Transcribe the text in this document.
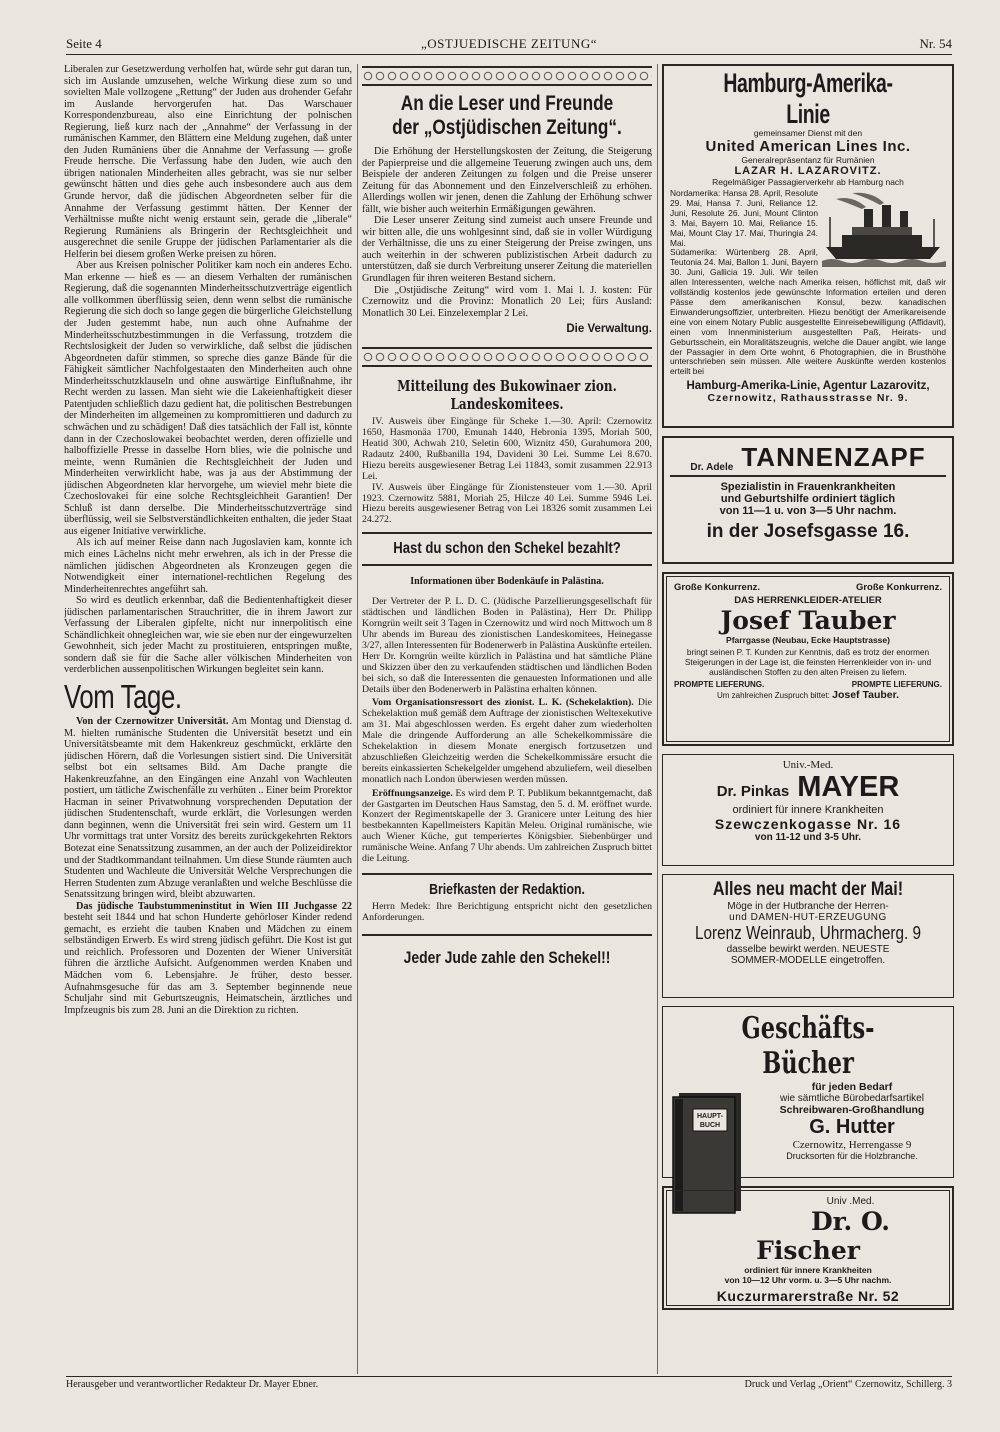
Seite 4	„OSTJUEDISCHE ZEITUNG“	Nr. 54

Liberalen zur Gesetzwerdung verholfen hat, würde sehr gut daran tun, sich im Auslande umzusehen, welche Wirkung diese zum so und sovielten Male vollzogene „Rettung“ der Juden aus drohender Gefahr im Auslande hervorgerufen hat. Das Warschauer Korrespondenzbureau, also eine Einrichtung der polnischen Regierung, ließ kurz nach der „Annahme“ der Verfassung in der rumänischen Kammer, den Blättern eine Meldung zugehen, daß unter den Juden Rumäniens über die Annahme der Verfassung — große Freude herrsche. Die Verfassung habe den Juden, wie auch den übrigen nationalen Minderheiten alles gebracht, was sie nur selber gewünscht hätten und dies gehe auch insbesondere auch aus dem Grunde hervor, daß die jüdischen Abgeordneten selber für die Annahme der Verfassung gestimmt hätten. Der Kenner der Verhältnisse mußte nicht wenig erstaunt sein, gerade die „liberale“ Regierung Rumäniens als Bringerin der Rechtsgleichheit und ausgerechnet die senile Gruppe der jüdischen Parlamentarier als die Helferin bei diesem großen Werke preisen zu hören.

Aber aus Kreisen polnischer Politiker kam noch ein anderes Echo. Man erkenne — hieß es — an diesem Verhalten der rumänischen Regierung, daß die sogenannten Minderheitsschutzverträge eigentlich alle vollkommen überflüssig seien, denn wenn selbst die rumänische Regierung die sich doch so lange gegen die bürgerliche Gleichstellung der Juden gestemmt habe, nun auch ohne Aufnahme der Minderheitsschutzbestimmungen in die Verfassung, trotzdem die Rechtslosigkeit der Juden so verwirkliche, daß selbst die jüdischen Abgeordneten dafür stimmen, so spreche dies ganze Bände für die Fähigkeit sämtlicher Nachfolgestaaten den Minderheiten auch ohne Minderheitsschutzklauseln und ohne auswärtige Einflußnahme, ihr Recht werden zu lassen. Man sieht wie die Lakeienhaftigkeit dieser Patentjuden schließlich dazu gedient hat, die politischen Bestrebungen der Minderheiten im allgemeinen zu kompromittieren und dadurch zu schwächen und zu schädigen! Daß dies tatsächlich der Fall ist, könnte dann in der Czechoslowakei beobachtet werden, deren offizielle und halboffizielle Presse in dasselbe Horn blies, wie die polnische und meinte, wenn Rumänien die Rechtsgleichheit der Juden und Minderheiten verwirklicht habe, was ja aus der Abstimmung der jüdischen Abgeordneten klar hervorgehe, um wieviel mehr biete die Czechoslovakei für eine solche Rechtsgleichheit Garantien! Der Schluß ist dann derselbe. Die Minderheitsschutzverträge sind überflüssig, weil sie Selbstverständlichkeiten enthalten, die jeder Staat aus eigener Initiative verwirkliche.

Als ich auf meiner Reise dann nach Jugoslavien kam, konnte ich mich eines Lächelns nicht mehr erwehren, als ich in der Presse die nämlichen jüdischen Abgeordneten als Kronzeugen gegen die Notwendigkeit einer internationel-rechtlichen Regelung des Minderheitenrechtes angeführt sah.

So wird es deutlich erkennbar, daß die Bedientenhaftigkeit dieser jüdischen parlamentarischen Strauchritter, die in ihrem Jawort zur Verfassung der Liberalen gipfelte, nicht nur innerpolitisch eine Schändlichkeit ohnegleichen war, wie sie eben nur der eingewurzelten Gewohnheit, sich jeder Macht zu prostituieren, entspringen mußte, sondern daß sie für die Sache aller völkischen Minderheiten von verderblichen aussenpolitischen Wirkungen begleitet sein kann.

Vom Tage.

Von der Czernowitzer Universität. Am Montag und Dienstag d. M. hielten rumänische Studenten die Universität besetzt und ein Universitätsbeamte mit dem Hakenkreuz geschmückt, erklärte den jüdischen Hörern, daß die Vorlesungen sistiert sind. Die Universität selbst bot ein seltsames Bild. Am Dache prangte die Hakenkreuzfahne, an den Eingängen eine Anzahl von Wachleuten postiert, um tätliche Zwischenfälle zu verhüten .. Einer beim Prorektor Hacman in seiner Privatwohnung vorsprechenden Deputation der jüdischen Studentenschaft, wurde erklärt, die Vorlesungen werden dann beginnen, wenn die Universität frei sein wird. Gestern um 11 Uhr vormittags trat unter Vorsitz des bereits zurückgekehrten Rektors Botezat eine Senatssitzung zusammen, an der auch der Polizeidirektor und der Stadtkommandant teilnahmen. Um diese Stunde räumten auch Studenten und Wachleute die Universität Welche Versprechungen die Herren Studenten zum Abzuge veranlaßten und welche Beschlüsse die Senatssitzung bringen wird, bleibt abzuwarten.

Das jüdische Taubstummeninstitut in Wien III Juchgasse 22 besteht seit 1844 und hat schon Hunderte gehörloser Kinder redend gemacht, es erzieht die tauben Knaben und Mädchen zu einem selbständigen Erwerb. Es wird streng jüdisch geführt. Die Kost ist gut und reichlich. Professoren und Dozenten der Wiener Universität führen die ärztliche Aufsicht. Aufgenommen werden Knaben und Mädchen vom 6. Lebensjahre. Je früher, desto besser. Aufnahmsgesuche für das am 3. September beginnende neue Schuljahr sind mit Geburtszeugnis, Heimatschein, ärztliches und Impfzeugnis bis zum 28. Juni an die Direktion zu richten.

An die Leser und Freunde der „Ostjüdischen Zeitung“.

Die Erhöhung der Herstellungskosten der Zeitung, die Steigerung der Papierpreise und die allgemeine Teuerung zwingen auch uns, dem Beispiele der anderen Zeitungen zu folgen und die Preise unserer Zeitung für das Abonnement und den Einzelverschleiß zu erhöhen. Allerdings wollen wir jenen, denen die Zahlung der Erhöhung schwer fällt, wie bisher auch weiterhin Ermäßigungen gewähren.

Die Leser unserer Zeitung sind zumeist auch unsere Freunde und wir bitten alle, die uns wohlgesinnt sind, daß sie in voller Würdigung der Verhältnisse, die uns zu einer Steigerung der Preise zwingen, uns auch weiterhin in der schweren publizistischen Arbeit dadurch zu unterstützen, daß sie durch Verbreitung unserer Zeitung die materiellen Grundlagen für ihren weiteren Bestand sichern.

Die „Ostjüdische Zeitung“ wird vom 1. Mai l. J. kosten: Für Czernowitz und die Provinz: Monatlich 20 Lei; fürs Ausland: Monatlich 30 Lei. Einzelexemplar 2 Lei.

Die Verwaltung.

Mitteilung des Bukowinaer zion. Landeskomitees.

IV. Ausweis über Eingänge für Scheke 1.—30. April: Czernowitz 1650, Hasmonäa 1700, Emunah 1440, Hebronia 1395, Moriah 500, Heatid 300, Achwah 210, Seletin 600, Wiznitz 450, Gurahumora 200, Radautz 2400, Rußbanilla 194, Davideni 30 Lei. Summe Lei 8.670. Hiezu bereits ausgewiesener Betrag Lei 11843, somit zusammen 22.913 Lei.

IV. Ausweis über Eingänge für Zionistensteuer vom 1.—30. April 1923. Czernowitz 5881, Moriah 25, Hilcze 40 Lei. Summe 5946 Lei. Hiezu bereits ausgewiesener Betrag von Lei 18326 somit zusammen Lei 24.272.

Hast du schon den Schekel bezahlt?

Informationen über Bodenkäufe in Palästina.

Der Vertreter der P. L. D. C. (Jüdische Parzellierungsgesellschaft für städtischen und ländlichen Boden in Palästina), Herr Dr. Philipp Korngrün weilt seit 3 Tagen in Czernowitz und wird noch Mittwoch um 8 Uhr abends im Bureau des zionistischen Landeskomitees, Heinegasse 3/27, allen Interessenten für Bodenerwerb in Palästina Auskünfte erteilen. Herr Dr. Korngrün weilte kürzlich in Palästina und hat sämtliche Pläne und Skizzen über den zu verkaufenden städtischen und ländlichen Boden bei sich, so daß die Interessenten die genauesten Informationen und alle Details über den Bodenerwerb in Palästina erhalten können.

Vom Organisationsressort des zionist. L. K. (Schekelaktion). Die Schekelaktion muß gemäß dem Auftrage der zionistischen Weltexekutive am 31. Mai abgeschlossen werden. Es ergeht daher zum wiederholten Male die dringende Aufforderung an alle Schekelkommissäre die Schekelaktion in diesem Monate energisch fortzusetzen und abzuschließen Gleichzeitig werden die Schekelkommissäre ersucht die bereits einkassierten Schekelgelder umgehend abzuliefern, weil dieselben monatlich nach London überwiesen werden müssen.

Eröffnungsanzeige. Es wird dem P. T. Publikum bekanntgemacht, daß der Gastgarten im Deutschen Haus Samstag, den 5. d. M. eröffnet wurde. Konzert der Regimentskapelle der 3. Granicere unter Leitung des hier bestbekannten Kapellmeisters Kapitän Meleu. Original rumänische, wie auch Wiener Küche, gut temperiertes Königsbier. Siebenbürger und rumänische Weine. Anfang 7 Uhr abends. Um zahlreichen Zuspruch bittet die Leitung.

Briefkasten der Redaktion.

Herrn Medek: Ihre Berichtigung entspricht nicht den gesetzlichen Anforderungen.

Jeder Jude zahle den Schekel!!

Hamburg-Amerika-Linie

gemeinsamer Dienst mit den

United American Lines Inc.

Generalrepräsentanz für Rumänien

LAZAR H. LAZAROVITZ.

Regelmäßiger Passagierverkehr ab Hamburg nach

Nordamerika: Hansa 28. April, Resolute 29. Mai, Hansa 7. Juni, Reliance 12. Juni, Resolute 26. Juni, Mount Clinton 3. Mai, Bayern 10. Mai, Reliance 15. Mai, Mount Clay 17. Mai, Thuringia 24. Mai.

Südamerika: Würtenberg 28. April, Teutonia 24. Mai, Ballon 1. Juni, Bayern 30. Juni, Gallicia 19. Juli. Wir teilen allen Interessenten, welche nach Amerika reisen, höflichst mit, daß wir vollständig kostenlos jede gewünschte Information erteilen und deren Pässe dem amerikanischen Konsul, bezw. kanadischen Einwanderungsoffizier, unterbreiten. Hiezu benötigt der Amerikareisende eine von einem Notary Public ausgestellte Einreisebewilligung (Affidavit), einen vom Innenministerium ausgestellten Paß, Heirats- und Geburtsschein, ein Moralitätszeugnis, welche die Dauer angibt, wie lange der Passagier in dem Orte wohnt, 6 Photographien, die in Brusthöhe unterschrieben sein müssen. Alle weitere Auskünfte werden kostenlos erteilt bei

Hamburg-Amerika-Linie, Agentur Lazarovitz,

Czernowitz, Rathausstrasse Nr. 9.

Dr. Adele TANNENZAPF

Spezialistin in Frauenkrankheiten

und Geburtshilfe ordiniert täglich

von 11—1 u. von 3—5 Uhr nachm.

in der Josefsgasse 16.

Große Konkurrenz.	Große Konkurrenz.

DAS HERRENKLEIDER-ATELIER

Josef Tauber

Pfarrgasse (Neubau, Ecke Hauptstrasse)

bringt seinen P. T. Kunden zur Kenntnis, daß es trotz der enormen Steigerungen in der Lage ist, die feinsten Herrenkleider von in- und ausländischen Stoffen zu den alten Preisen zu liefern.

PROMPTE LIEFERUNG.	PROMPTE LIEFERUNG.
Um zahlreichen Zuspruch bittet: Josef Tauber.

Univ.-Med.

Dr. Pinkas MAYER

ordiniert für innere Krankheiten

Szewczenkogasse Nr. 16

von 11-12 und 3-5 Uhr.

Alles neu macht der Mai!

Möge in der Hutbranche der Herren-

und DAMEN-HUT-ERZEUGUNG

Lorenz Weinraub, Uhrmacherg. 9

dasselbe bewirkt werden. NEUESTE

SOMMER-MODELLE eingetroffen.

Geschäfts-Bücher

HAUPT-
BUCH

für jeden Bedarf

wie sämtliche Bürobedarfsartikel

Schreibwaren-Großhandlung

G. Hutter

Czernowitz, Herrengasse 9

Drucksorten für die Holzbranche.

Univ .Med.

Dr. O. Fischer

ordiniert für innere Krankheiten

von 10—12 Uhr vorm. u. 3—5 Uhr nachm.

Kuczurmarerstraße Nr. 52

Herausgeber und verantwortlicher Redakteur Dr. Mayer Ebner.	Druck und Verlag „Orient“ Czernowitz, Schillerg. 3
